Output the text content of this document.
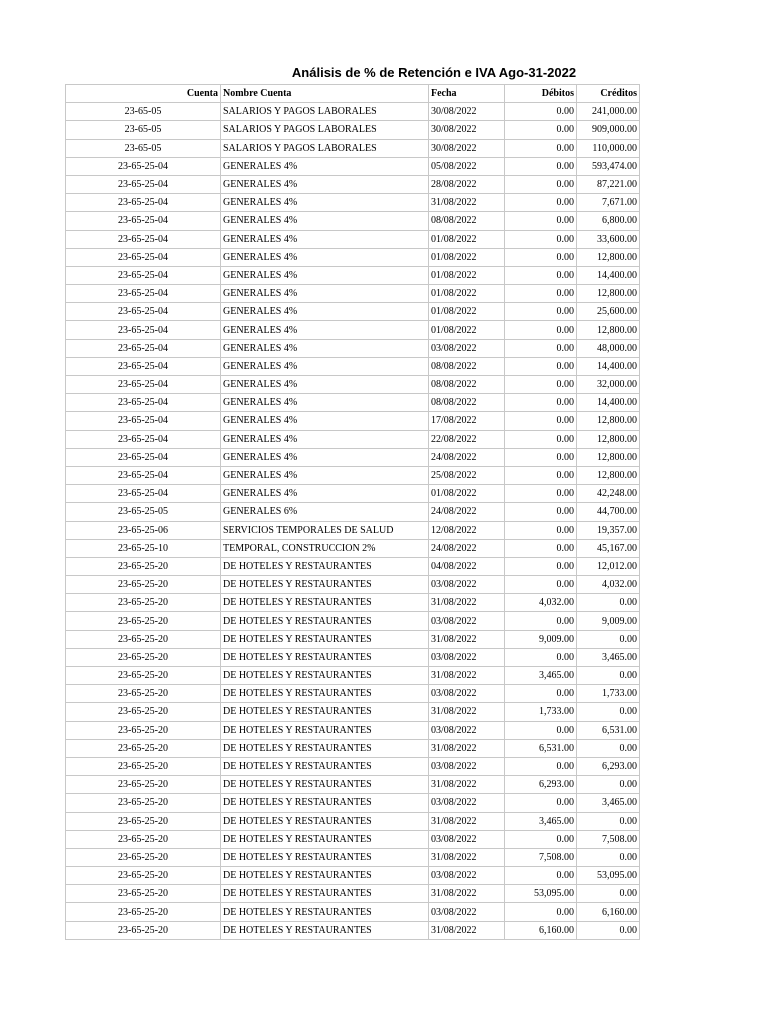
Análisis de % de Retención e IVA Ago-31-2022
Cuenta	Nombre Cuenta	Fecha	Débitos	Créditos
23-65-05	SALARIOS Y PAGOS LABORALES	30/08/2022	0.00	241,000.00
23-65-05	SALARIOS Y PAGOS LABORALES	30/08/2022	0.00	909,000.00
23-65-05	SALARIOS Y PAGOS LABORALES	30/08/2022	0.00	110,000.00
23-65-25-04	GENERALES 4%	05/08/2022	0.00	593,474.00
23-65-25-04	GENERALES 4%	28/08/2022	0.00	87,221.00
23-65-25-04	GENERALES 4%	31/08/2022	0.00	7,671.00
23-65-25-04	GENERALES 4%	08/08/2022	0.00	6,800.00
23-65-25-04	GENERALES 4%	01/08/2022	0.00	33,600.00
23-65-25-04	GENERALES 4%	01/08/2022	0.00	12,800.00
23-65-25-04	GENERALES 4%	01/08/2022	0.00	14,400.00
23-65-25-04	GENERALES 4%	01/08/2022	0.00	12,800.00
23-65-25-04	GENERALES 4%	01/08/2022	0.00	25,600.00
23-65-25-04	GENERALES 4%	01/08/2022	0.00	12,800.00
23-65-25-04	GENERALES 4%	03/08/2022	0.00	48,000.00
23-65-25-04	GENERALES 4%	08/08/2022	0.00	14,400.00
23-65-25-04	GENERALES 4%	08/08/2022	0.00	32,000.00
23-65-25-04	GENERALES 4%	08/08/2022	0.00	14,400.00
23-65-25-04	GENERALES 4%	17/08/2022	0.00	12,800.00
23-65-25-04	GENERALES 4%	22/08/2022	0.00	12,800.00
23-65-25-04	GENERALES 4%	24/08/2022	0.00	12,800.00
23-65-25-04	GENERALES 4%	25/08/2022	0.00	12,800.00
23-65-25-04	GENERALES 4%	01/08/2022	0.00	42,248.00
23-65-25-05	GENERALES 6%	24/08/2022	0.00	44,700.00
23-65-25-06	SERVICIOS TEMPORALES DE SALUD	12/08/2022	0.00	19,357.00
23-65-25-10	TEMPORAL, CONSTRUCCION 2%	24/08/2022	0.00	45,167.00
23-65-25-20	DE HOTELES Y RESTAURANTES	04/08/2022	0.00	12,012.00
23-65-25-20	DE HOTELES Y RESTAURANTES	03/08/2022	0.00	4,032.00
23-65-25-20	DE HOTELES Y RESTAURANTES	31/08/2022	4,032.00	0.00
23-65-25-20	DE HOTELES Y RESTAURANTES	03/08/2022	0.00	9,009.00
23-65-25-20	DE HOTELES Y RESTAURANTES	31/08/2022	9,009.00	0.00
23-65-25-20	DE HOTELES Y RESTAURANTES	03/08/2022	0.00	3,465.00
23-65-25-20	DE HOTELES Y RESTAURANTES	31/08/2022	3,465.00	0.00
23-65-25-20	DE HOTELES Y RESTAURANTES	03/08/2022	0.00	1,733.00
23-65-25-20	DE HOTELES Y RESTAURANTES	31/08/2022	1,733.00	0.00
23-65-25-20	DE HOTELES Y RESTAURANTES	03/08/2022	0.00	6,531.00
23-65-25-20	DE HOTELES Y RESTAURANTES	31/08/2022	6,531.00	0.00
23-65-25-20	DE HOTELES Y RESTAURANTES	03/08/2022	0.00	6,293.00
23-65-25-20	DE HOTELES Y RESTAURANTES	31/08/2022	6,293.00	0.00
23-65-25-20	DE HOTELES Y RESTAURANTES	03/08/2022	0.00	3,465.00
23-65-25-20	DE HOTELES Y RESTAURANTES	31/08/2022	3,465.00	0.00
23-65-25-20	DE HOTELES Y RESTAURANTES	03/08/2022	0.00	7,508.00
23-65-25-20	DE HOTELES Y RESTAURANTES	31/08/2022	7,508.00	0.00
23-65-25-20	DE HOTELES Y RESTAURANTES	03/08/2022	0.00	53,095.00
23-65-25-20	DE HOTELES Y RESTAURANTES	31/08/2022	53,095.00	0.00
23-65-25-20	DE HOTELES Y RESTAURANTES	03/08/2022	0.00	6,160.00
23-65-25-20	DE HOTELES Y RESTAURANTES	31/08/2022	6,160.00	0.00
